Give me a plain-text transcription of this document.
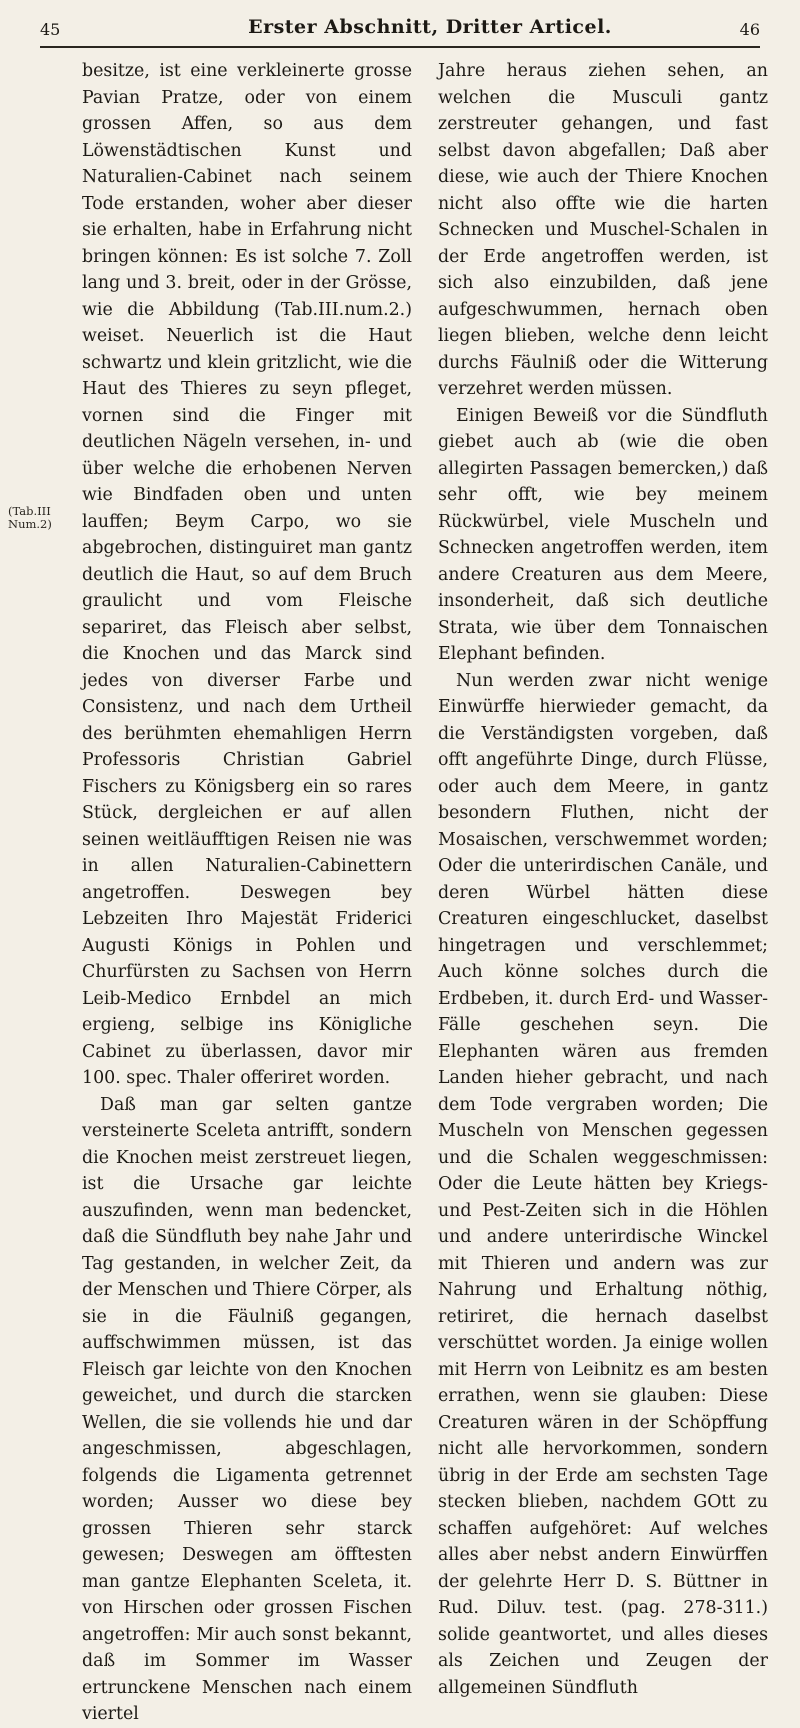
45	Erster Abschnitt, Dritter Articel.	46
(Tab.III Num.2)

besitze, ist eine verkleinerte grosse Pavian Pratze, oder von einem grossen Affen, so aus dem Löwenstädtischen Kunst und Naturalien-Cabinet nach seinem Tode erstanden, woher aber dieser sie erhalten, habe in Erfahrung nicht bringen können: Es ist solche 7. Zoll lang und 3. breit, oder in der Grösse, wie die Abbildung (Tab.III.num.2.) weiset. Neuerlich ist die Haut schwartz und klein gritzlicht, wie die Haut des Thieres zu seyn pfleget, vornen sind die Finger mit deutlichen Nägeln versehen, in- und über welche die erhobenen Nerven wie Bindfaden oben und unten lauffen; Beym Carpo, wo sie abgebrochen, distinguiret man gantz deutlich die Haut, so auf dem Bruch graulicht und vom Fleische separiret, das Fleisch aber selbst, die Knochen und das Marck sind jedes von diverser Farbe und Consistenz, und nach dem Urtheil des berühmten ehemahligen Herrn Professoris Christian Gabriel Fischers zu Königsberg ein so rares Stück, dergleichen er auf allen seinen weitläufftigen Reisen nie was in allen Naturalien-Cabinettern angetroffen. Deswegen bey Lebzeiten Ihro Majestät Friderici Augusti Königs in Pohlen und Churfürsten zu Sachsen von Herrn Leib-Medico Ernbdel an mich ergieng, selbige ins Königliche Cabinet zu überlassen, davor mir 100. spec. Thaler offeriret worden.

Daß man gar selten gantze versteinerte Sceleta antrifft, sondern die Knochen meist zerstreuet liegen, ist die Ursache gar leichte auszufinden, wenn man bedencket, daß die Sündfluth bey nahe Jahr und Tag gestanden, in welcher Zeit, da der Menschen und Thiere Cörper, als sie in die Fäulniß gegangen, auffschwimmen müssen, ist das Fleisch gar leichte von den Knochen geweichet, und durch die starcken Wellen, die sie vollends hie und dar angeschmissen, abgeschlagen, folgends die Ligamenta getrennet worden; Ausser wo diese bey grossen Thieren sehr starck gewesen; Deswegen am öfftesten man gantze Elephanten Sceleta, it. von Hirschen oder grossen Fischen angetroffen: Mir auch sonst bekannt, daß im Sommer im Wasser ertrunckene Menschen nach einem viertel

Jahre heraus ziehen sehen, an welchen die Musculi gantz zerstreuter gehangen, und fast selbst davon abgefallen; Daß aber diese, wie auch der Thiere Knochen nicht also offte wie die harten Schnecken und Muschel-Schalen in der Erde angetroffen werden, ist sich also einzubilden, daß jene aufgeschwummen, hernach oben liegen blieben, welche denn leicht durchs Fäulniß oder die Witterung verzehret werden müssen.

Einigen Beweiß vor die Sündfluth giebet auch ab (wie die oben allegirten Passagen bemercken,) daß sehr offt, wie bey meinem Rückwürbel, viele Muscheln und Schnecken angetroffen werden, item andere Creaturen aus dem Meere, insonderheit, daß sich deutliche Strata, wie über dem Tonnaischen Elephant befinden.

Nun werden zwar nicht wenige Einwürffe hierwieder gemacht, da die Verständigsten vorgeben, daß offt angeführte Dinge, durch Flüsse, oder auch dem Meere, in gantz besondern Fluthen, nicht der Mosaischen, verschwemmet worden; Oder die unterirdischen Canäle, und deren Würbel hätten diese Creaturen eingeschlucket, daselbst hingetragen und verschlemmet; Auch könne solches durch die Erdbeben, it. durch Erd- und Wasser-Fälle geschehen seyn. Die Elephanten wären aus fremden Landen hieher gebracht, und nach dem Tode vergraben worden; Die Muscheln von Menschen gegessen und die Schalen weggeschmissen: Oder die Leute hätten bey Kriegs- und Pest-Zeiten sich in die Höhlen und andere unterirdische Winckel mit Thieren und andern was zur Nahrung und Erhaltung nöthig, retiriret, die hernach daselbst verschüttet worden. Ja einige wollen mit Herrn von Leibnitz es am besten errathen, wenn sie glauben: Diese Creaturen wären in der Schöpffung nicht alle hervorkommen, sondern übrig in der Erde am sechsten Tage stecken blieben, nachdem GOtt zu schaffen aufgehöret: Auf welches alles aber nebst andern Einwürffen der gelehrte Herr D. S. Büttner in Rud. Diluv. test. (pag. 278-311.) solide geantwortet, und alles dieses als Zeichen und Zeugen der allgemeinen Sündfluth
